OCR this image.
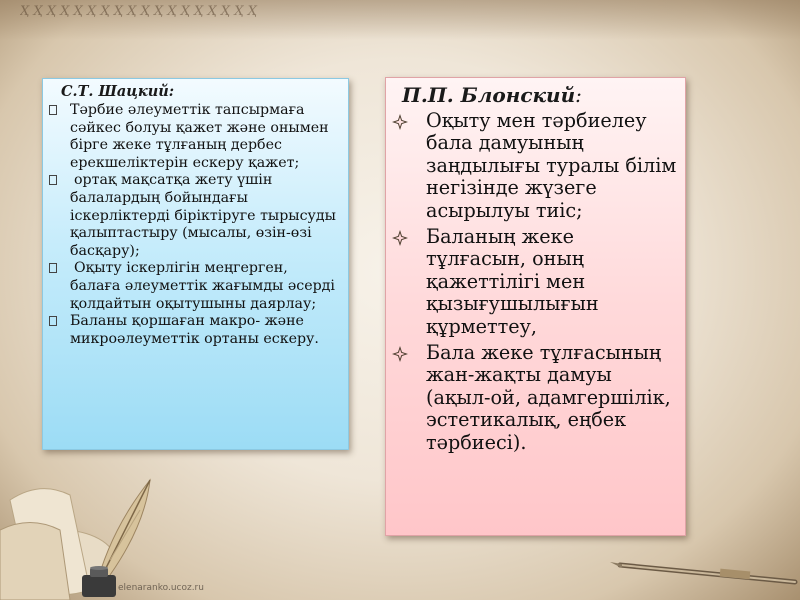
Ҳ Ҳ Ҳ Ҳ Ҳ Ҳ Ҳ Ҳ Ҳ Ҳ Ҳ Ҳ Ҳ Ҳ Ҳ Ҳ Ҳ Ҳ
С.Т. Шацкий:
Тәрбие әлеуметтік тапсырмаға сәйкес болуы қажет және онымен бірге жеке тұлғаның дербес ерекшеліктерін ескеру қажет;
ортақ мақсатқа жету үшін балалардың бойындағы іскерліктерді біріктіруге тырысуды қалыптастыру (мысалы, өзін-өзі басқару);
Оқыту іскерлігін меңгерген, балаға әлеуметтік жағымды әсерді қолдайтын оқытушыны даярлау;
Баланы қоршаған макро- және микроәлеуметтік ортаны ескеру.
П.П. Блонский:
Оқыту мен тәрбиелеу бала дамуының заңдылығы туралы білім негізінде жүзеге асырылуы тиіс;
Баланың жеке тұлғасын, оның қажеттілігі мен қызығушылығын құрметтеу,
Бала жеке тұлғасының жан-жақты дамуы (ақыл-ой, адамгершілік, эстетикалық, еңбек тәрбиесі).
elenaranko.ucoz.ru
